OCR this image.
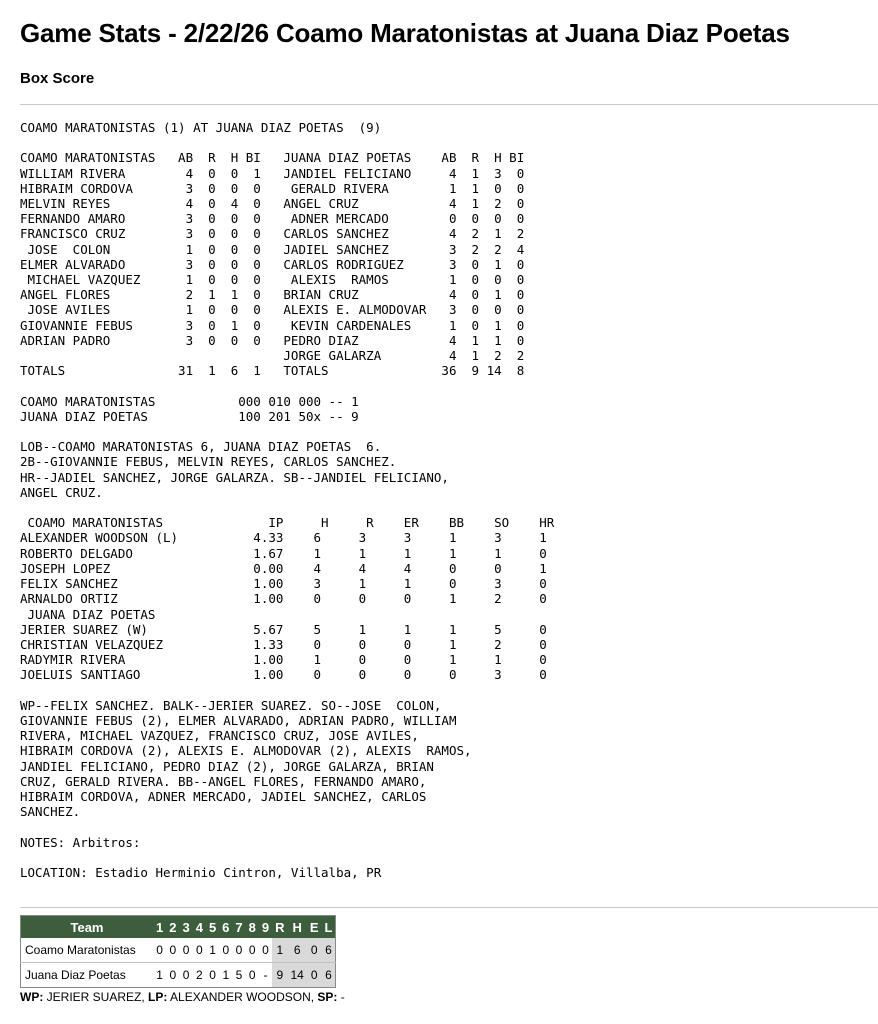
Game Stats - 2/22/26 Coamo Maratonistas at Juana Diaz Poetas
Box Score
COAMO MARATONISTAS (1) AT JUANA DIAZ POETAS  (9)

COAMO MARATONISTAS   AB  R  H BI   JUANA DIAZ POETAS    AB  R  H BI
WILLIAM RIVERA        4  0  0  1   JANDIEL FELICIANO     4  1  3  0
HIBRAIM CORDOVA       3  0  0  0    GERALD RIVERA        1  1  0  0
MELVIN REYES          4  0  4  0   ANGEL CRUZ            4  1  2  0
FERNANDO AMARO        3  0  0  0    ADNER MERCADO        0  0  0  0
FRANCISCO CRUZ        3  0  0  0   CARLOS SANCHEZ        4  2  1  2
JOSE  COLON          1  0  0  0   JADIEL SANCHEZ        3  2  2  4
ELMER ALVARADO        3  0  0  0   CARLOS RODRIGUEZ      3  0  1  0
MICHAEL VAZQUEZ      1  0  0  0    ALEXIS  RAMOS        1  0  0  0
ANGEL FLORES          2  1  1  0   BRIAN CRUZ            4  0  1  0
JOSE AVILES          1  0  0  0   ALEXIS E. ALMODOVAR   3  0  0  0
GIOVANNIE FEBUS       3  0  1  0    KEVIN CARDENALES     1  0  1  0
ADRIAN PADRO          3  0  0  0   PEDRO DIAZ            4  1  1  0
JORGE GALARZA         4  1  2  2
TOTALS               31  1  6  1   TOTALS               36  9 14  8

COAMO MARATONISTAS           000 010 000 -- 1
JUANA DIAZ POETAS            100 201 50x -- 9

LOB--COAMO MARATONISTAS 6, JUANA DIAZ POETAS  6.
2B--GIOVANNIE FEBUS, MELVIN REYES, CARLOS SANCHEZ.
HR--JADIEL SANCHEZ, JORGE GALARZA. SB--JANDIEL FELICIANO,
ANGEL CRUZ.

COAMO MARATONISTAS              IP     H     R    ER    BB    SO    HR
ALEXANDER WOODSON (L)          4.33    6     3     3     1     3     1
ROBERTO DELGADO                1.67    1     1     1     1     1     0
JOSEPH LOPEZ                   0.00    4     4     4     0     0     1
FELIX SANCHEZ                  1.00    3     1     1     0     3     0
ARNALDO ORTIZ                  1.00    0     0     0     1     2     0
JUANA DIAZ POETAS
JERIER SUAREZ (W)              5.67    5     1     1     1     5     0
CHRISTIAN VELAZQUEZ            1.33    0     0     0     1     2     0
RADYMIR RIVERA                 1.00    1     0     0     1     1     0
JOELUIS SANTIAGO               1.00    0     0     0     0     3     0

WP--FELIX SANCHEZ. BALK--JERIER SUAREZ. SO--JOSE  COLON,
GIOVANNIE FEBUS (2), ELMER ALVARADO, ADRIAN PADRO, WILLIAM
RIVERA, MICHAEL VAZQUEZ, FRANCISCO CRUZ, JOSE AVILES,
HIBRAIM CORDOVA (2), ALEXIS E. ALMODOVAR (2), ALEXIS  RAMOS,
JANDIEL FELICIANO, PEDRO DIAZ (2), JORGE GALARZA, BRIAN
CRUZ, GERALD RIVERA. BB--ANGEL FLORES, FERNANDO AMARO,
HIBRAIM CORDOVA, ADNER MERCADO, JADIEL SANCHEZ, CARLOS
SANCHEZ.

NOTES: Arbitros:

LOCATION: Estadio Herminio Cintron, Villalba, PR
Team	1	2	3	4	5	6	7	8	9	R	H	E	L
Coamo Maratonistas	0	0	0	0	1	0	0	0	0	1	6	0	6
Juana Diaz Poetas	1	0	0	2	0	1	5	0	-	9	14	0	6
WP: JERIER SUAREZ, LP: ALEXANDER WOODSON, SP: -
